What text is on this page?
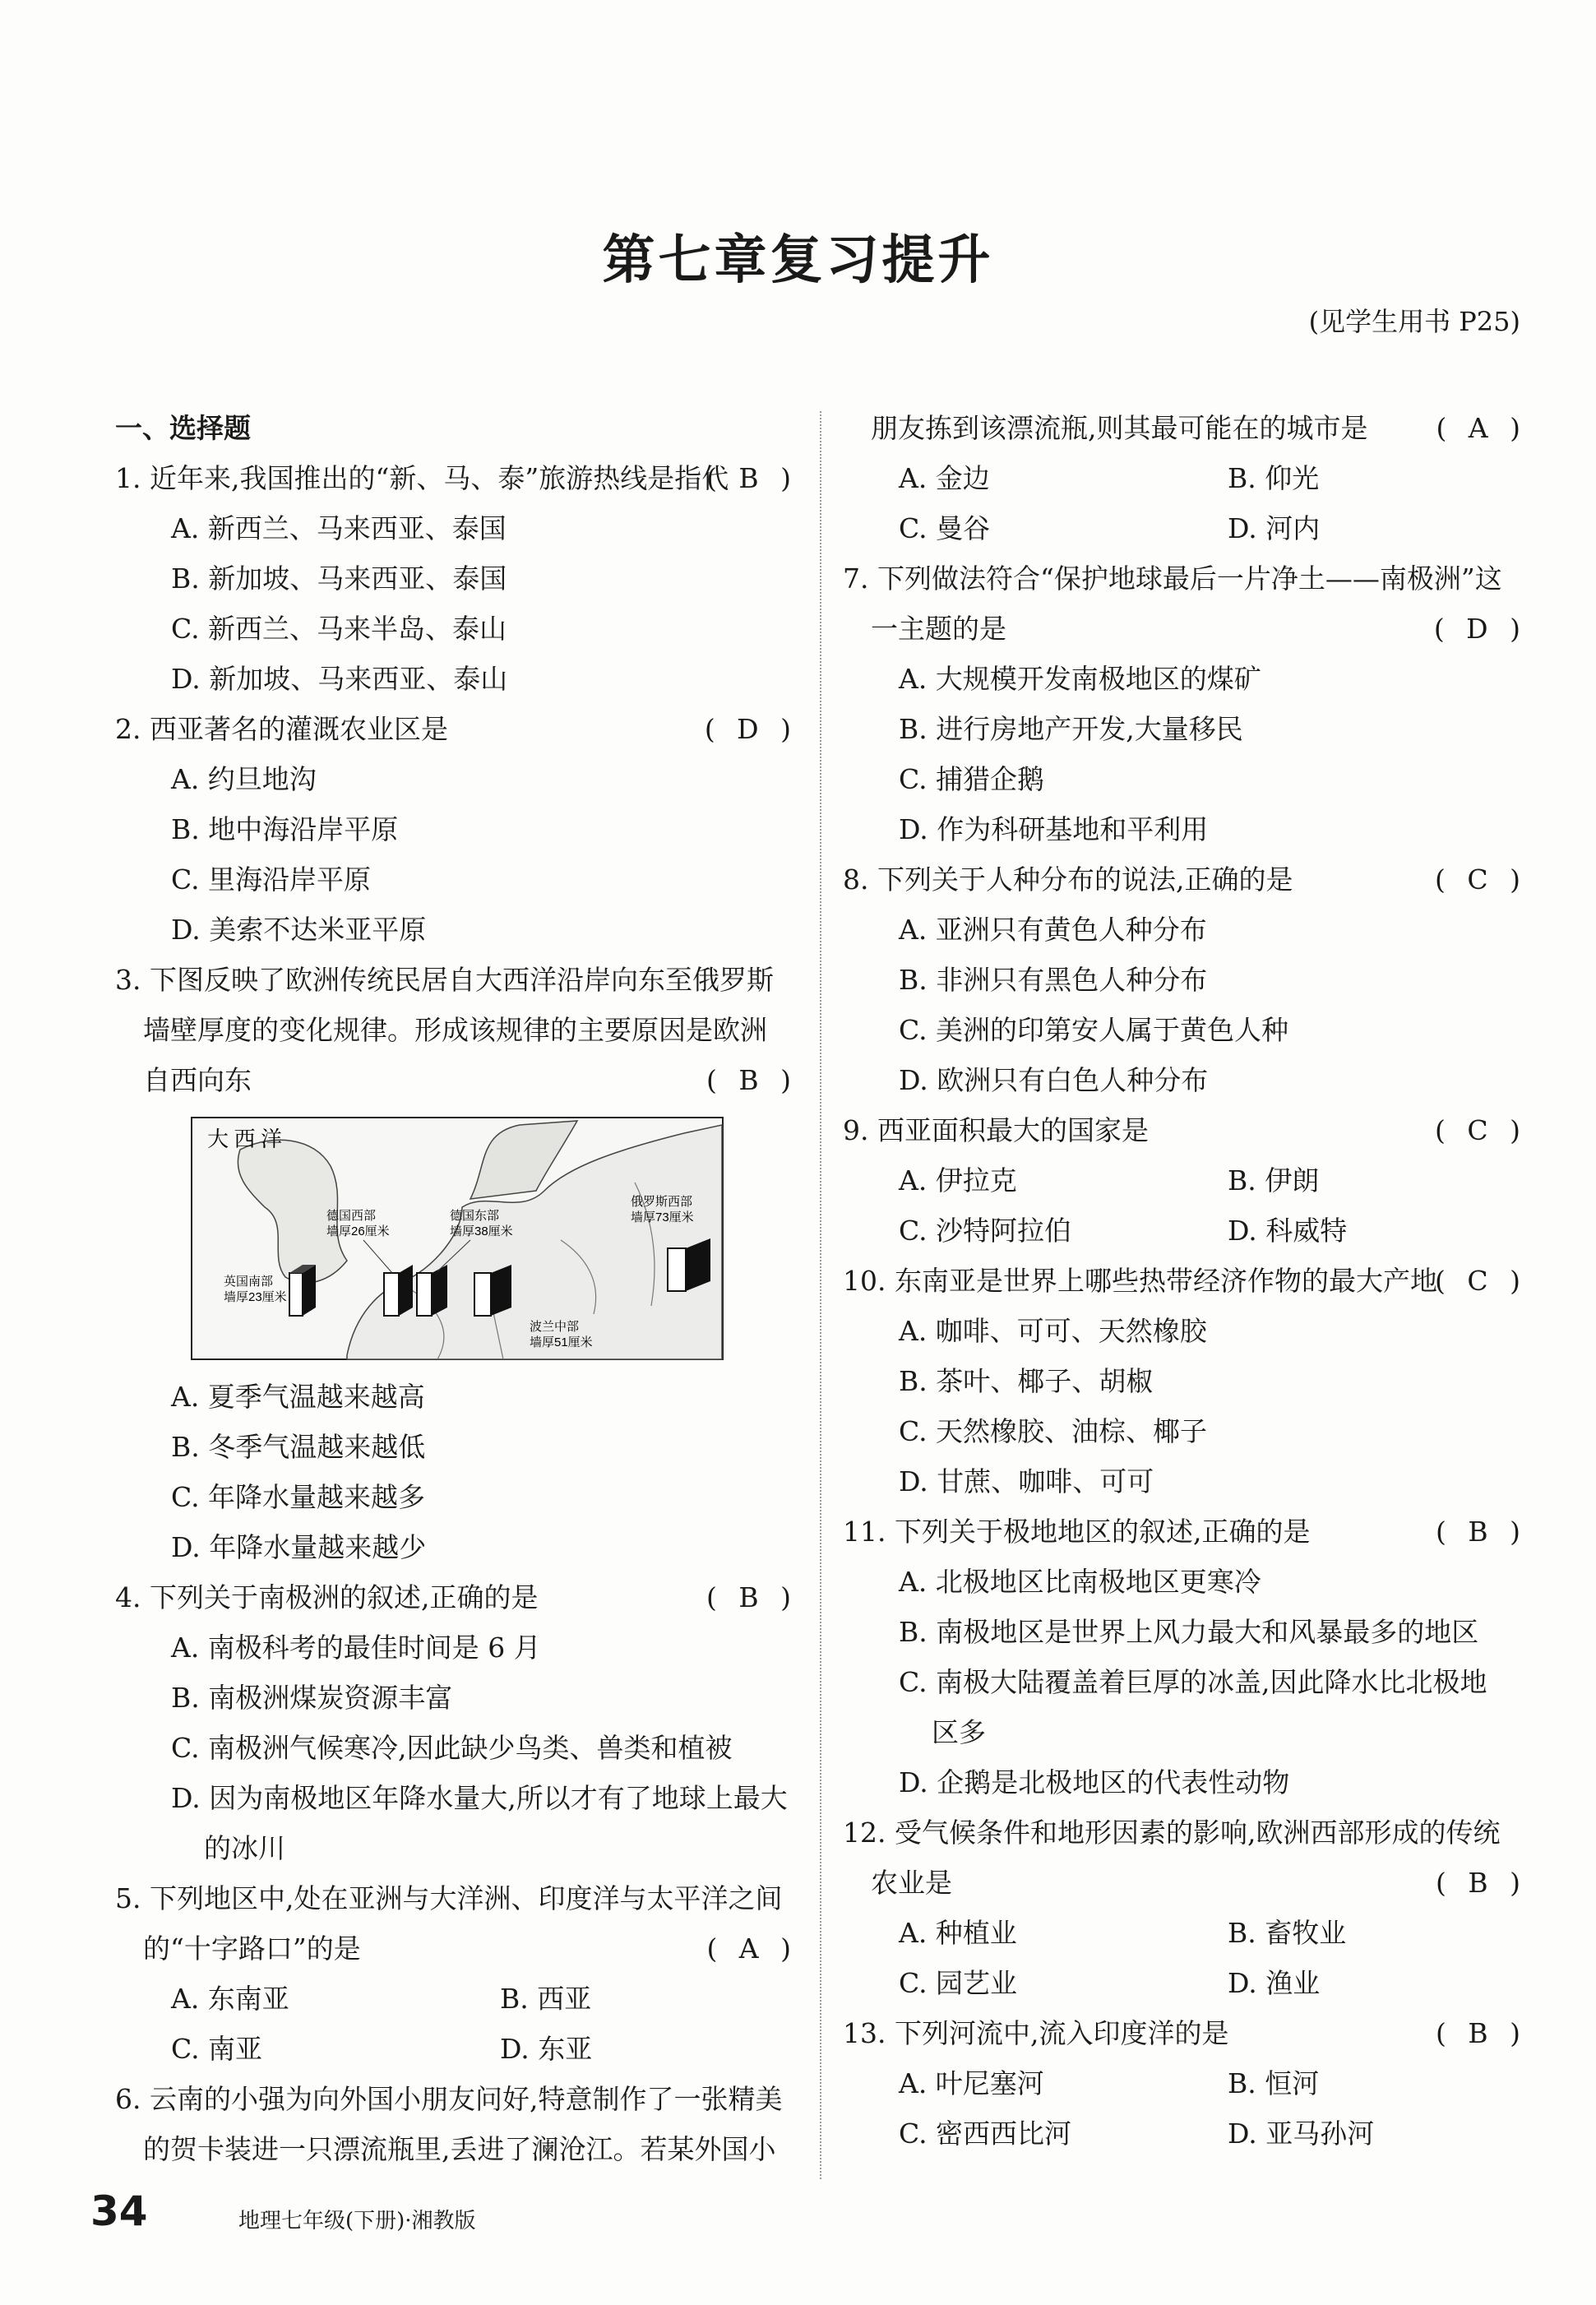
第七章复习提升
(见学生用书 P25)
一、选择题
1. 近年来,我国推出的“新、马、泰”旅游热线是指代
( B )
A. 新西兰、马来西亚、泰国
B. 新加坡、马来西亚、泰国
C. 新西兰、马来半岛、泰山
D. 新加坡、马来西亚、泰山
2. 西亚著名的灌溉农业区是	( D )
A. 约旦地沟
B. 地中海沿岸平原
C. 里海沿岸平原
D. 美索不达米亚平原
3. 下图反映了欧洲传统民居自大西洋沿岸向东至俄罗斯
墙壁厚度的变化规律。形成该规律的主要原因是欧洲
自西向东	( B )
大 西 洋
英国南部
墙厚23厘米
德国西部
墙厚26厘米
德国东部
墙厚38厘米
波兰中部
墙厚51厘米
俄罗斯西部
墙厚73厘米
A. 夏季气温越来越高
B. 冬季气温越来越低
C. 年降水量越来越多
D. 年降水量越来越少
4. 下列关于南极洲的叙述,正确的是	( B )
A. 南极科考的最佳时间是 6 月
B. 南极洲煤炭资源丰富
C. 南极洲气候寒冷,因此缺少鸟类、兽类和植被
D. 因为南极地区年降水量大,所以才有了地球上最大
的冰川
5. 下列地区中,处在亚洲与大洋洲、印度洋与太平洋之间
的“十字路口”的是	( A )
A. 东南亚	B. 西亚
C. 南亚	D. 东亚
6. 云南的小强为向外国小朋友问好,特意制作了一张精美
的贺卡装进一只漂流瓶里,丢进了澜沧江。若某外国小
朋友拣到该漂流瓶,则其最可能在的城市是	( A )
A. 金边	B. 仰光
C. 曼谷	D. 河内
7. 下列做法符合“保护地球最后一片净土——南极洲”这
一主题的是	( D )
A. 大规模开发南极地区的煤矿
B. 进行房地产开发,大量移民
C. 捕猎企鹅
D. 作为科研基地和平利用
8. 下列关于人种分布的说法,正确的是	( C )
A. 亚洲只有黄色人种分布
B. 非洲只有黑色人种分布
C. 美洲的印第安人属于黄色人种
D. 欧洲只有白色人种分布
9. 西亚面积最大的国家是	( C )
A. 伊拉克	B. 伊朗
C. 沙特阿拉伯	D. 科威特
10. 东南亚是世界上哪些热带经济作物的最大产地
( C )
A. 咖啡、可可、天然橡胶
B. 茶叶、椰子、胡椒
C. 天然橡胶、油棕、椰子
D. 甘蔗、咖啡、可可
11. 下列关于极地地区的叙述,正确的是	( B )
A. 北极地区比南极地区更寒冷
B. 南极地区是世界上风力最大和风暴最多的地区
C. 南极大陆覆盖着巨厚的冰盖,因此降水比北极地
区多
D. 企鹅是北极地区的代表性动物
12. 受气候条件和地形因素的影响,欧洲西部形成的传统
农业是	( B )
A. 种植业	B. 畜牧业
C. 园艺业	D. 渔业
13. 下列河流中,流入印度洋的是	( B )
A. 叶尼塞河	B. 恒河
C. 密西西比河	D. 亚马孙河
34	地理七年级(下册)·湘教版
